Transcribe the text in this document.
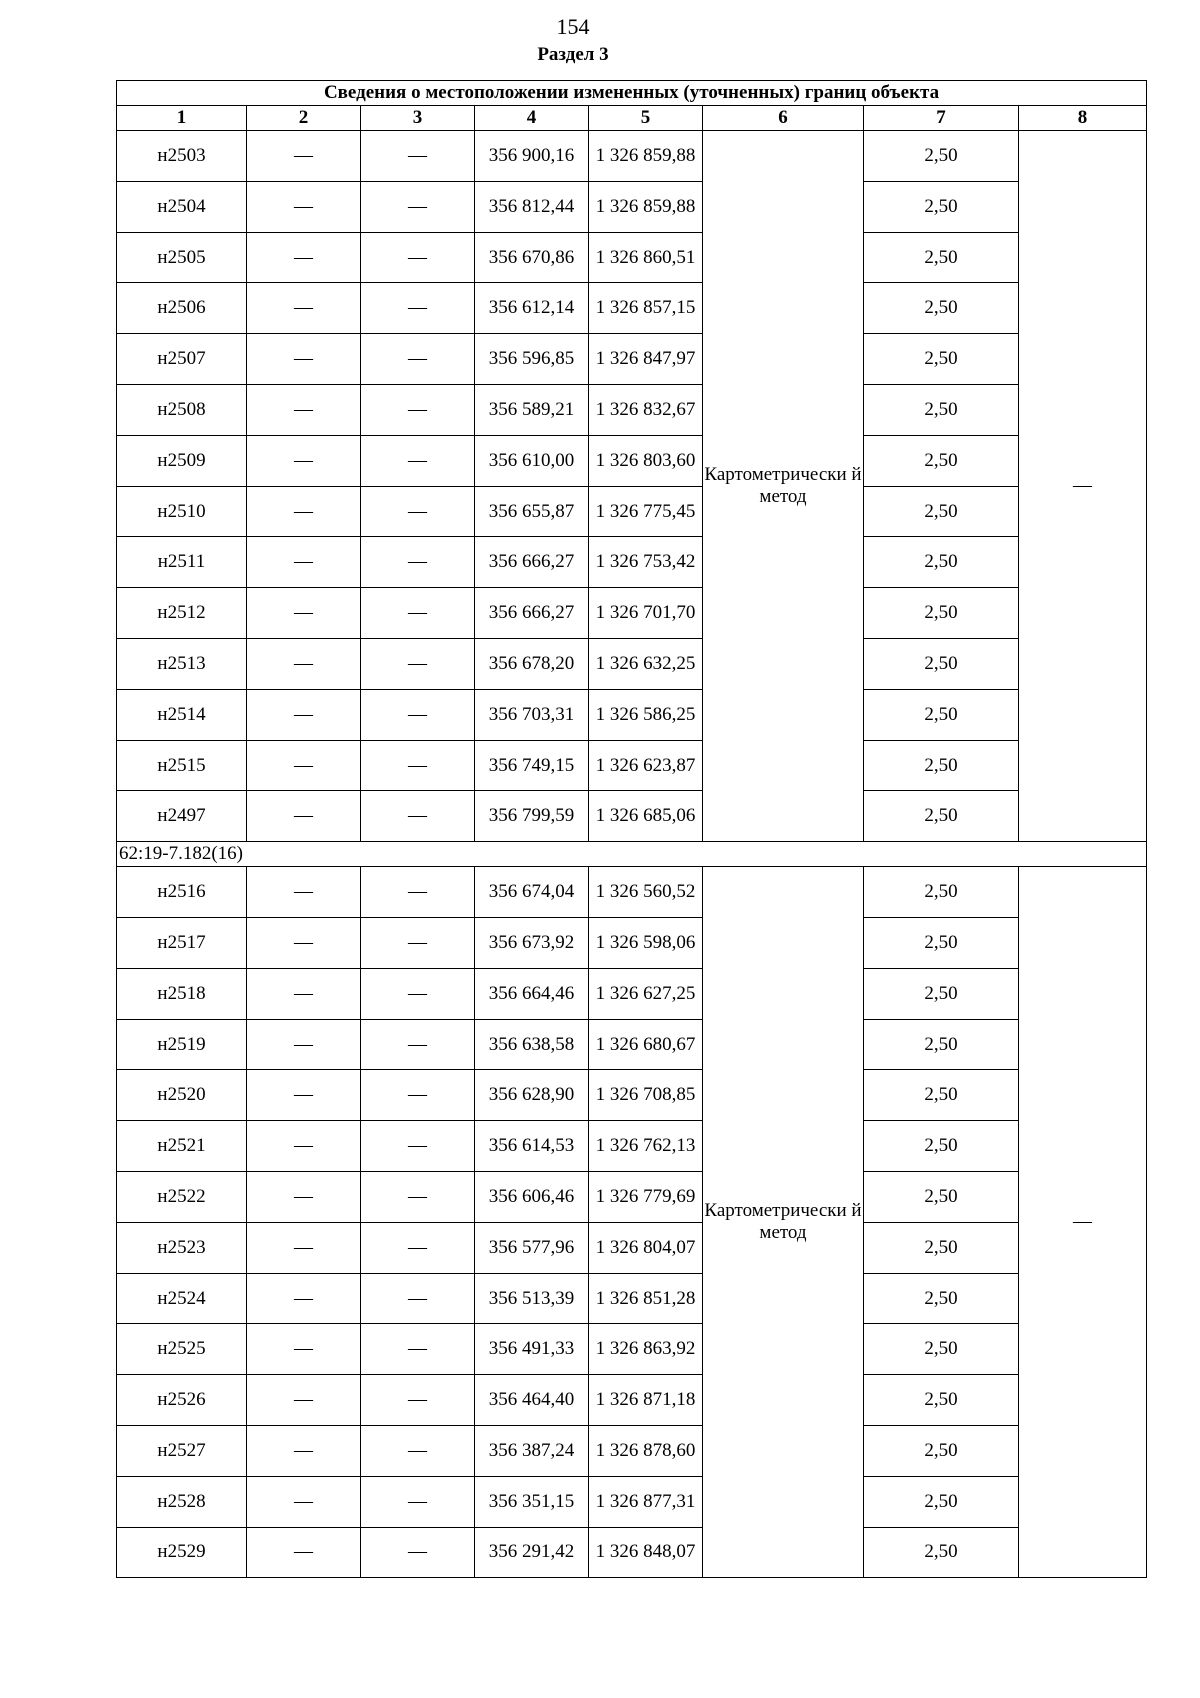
154
Раздел 3
Сведения о местоположении измененных (уточненных) границ объекта							
1	2	3	4	5	6	7	8
н2503	—	—	356 900,16	1 326 859,88	Картометрически й метод	2,50	—
н2504	—	—	356 812,44	1 326 859,88		2,50	
н2505	—	—	356 670,86	1 326 860,51		2,50	
н2506	—	—	356 612,14	1 326 857,15		2,50	
н2507	—	—	356 596,85	1 326 847,97		2,50	
н2508	—	—	356 589,21	1 326 832,67		2,50	
н2509	—	—	356 610,00	1 326 803,60		2,50	
н2510	—	—	356 655,87	1 326 775,45		2,50	
н2511	—	—	356 666,27	1 326 753,42		2,50	
н2512	—	—	356 666,27	1 326 701,70		2,50	
н2513	—	—	356 678,20	1 326 632,25		2,50	
н2514	—	—	356 703,31	1 326 586,25		2,50	
н2515	—	—	356 749,15	1 326 623,87		2,50	
н2497	—	—	356 799,59	1 326 685,06		2,50	
62:19-7.182(16)							
н2516	—	—	356 674,04	1 326 560,52	Картометрически й метод	2,50	—
н2517	—	—	356 673,92	1 326 598,06		2,50	
н2518	—	—	356 664,46	1 326 627,25		2,50	
н2519	—	—	356 638,58	1 326 680,67		2,50	
н2520	—	—	356 628,90	1 326 708,85		2,50	
н2521	—	—	356 614,53	1 326 762,13		2,50	
н2522	—	—	356 606,46	1 326 779,69		2,50	
н2523	—	—	356 577,96	1 326 804,07		2,50	
н2524	—	—	356 513,39	1 326 851,28		2,50	
н2525	—	—	356 491,33	1 326 863,92		2,50	
н2526	—	—	356 464,40	1 326 871,18		2,50	
н2527	—	—	356 387,24	1 326 878,60		2,50	
н2528	—	—	356 351,15	1 326 877,31		2,50	
н2529	—	—	356 291,42	1 326 848,07		2,50	
